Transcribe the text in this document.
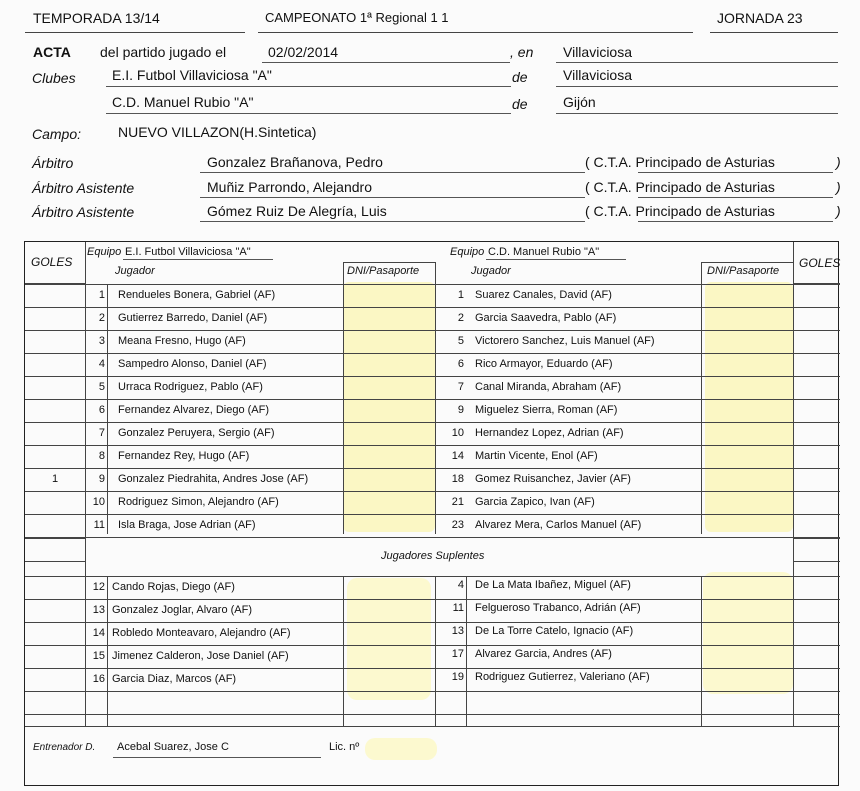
TEMPORADA 13/14	CAMPEONATO 1ª Regional 1 1	JORNADA 23
ACTA del partido jugado el	02/02/2014	, en Villaviciosa
Clubes	E.I. Futbol Villaviciosa "A"	de	Villaviciosa
C.D. Manuel Rubio "A"	de	Gijón
Campo:	NUEVO VILLAZON(H.Sintetica)
Árbitro	Gonzalez Brañanova, Pedro	( C.T.A. Principado de Asturias	)
Árbitro Asistente	Muñiz Parrondo, Alejandro	( C.T.A. Principado de Asturias	)
Árbitro Asistente	Gómez Ruiz De Alegría, Luis	( C.T.A. Principado de Asturias	)
GOLES	GOLES
Equipo E.I. Futbol Villaviciosa "A"
Jugador	DNI/Pasaporte
Equipo C.D. Manuel Rubio "A"
Jugador	DNI/Pasaporte
1 Rendueles Bonera, Gabriel (AF)	1 Suarez Canales, David (AF)
2 Gutierrez Barredo, Daniel (AF)	2 Garcia Saavedra, Pablo (AF)
3 Meana Fresno, Hugo (AF)	5 Victorero Sanchez, Luis Manuel (AF)
4 Sampedro Alonso, Daniel (AF)	6 Rico Armayor, Eduardo (AF)
5 Urraca Rodriguez, Pablo (AF)	7 Canal Miranda, Abraham (AF)
6 Fernandez Alvarez, Diego (AF)	9 Miguelez Sierra, Roman (AF)
7 Gonzalez Peruyera, Sergio (AF)	10 Hernandez Lopez, Adrian (AF)
8 Fernandez Rey, Hugo (AF)	14 Martin Vicente, Enol (AF)
1	9 Gonzalez Piedrahita, Andres Jose (AF)	18 Gomez Ruisanchez, Javier (AF)
10 Rodriguez Simon, Alejandro (AF)	21 Garcia Zapico, Ivan (AF)
11 Isla Braga, Jose Adrian (AF)	23 Alvarez Mera, Carlos Manuel (AF)
Jugadores Suplentes
12 Cando Rojas, Diego (AF)	4 De La Mata Ibañez, Miguel (AF)
13 Gonzalez Joglar, Alvaro (AF)	11 Felgueroso Trabanco, Adrián (AF)
14 Robledo Monteavaro, Alejandro (AF)	13 De La Torre Catelo, Ignacio (AF)
15 Jimenez Calderon, Jose Daniel (AF)	17 Alvarez Garcia, Andres (AF)
16 Garcia Diaz, Marcos (AF)	19 Rodriguez Gutierrez, Valeriano (AF)
Entrenador D. Acebal Suarez, Jose C	Lic. nº
